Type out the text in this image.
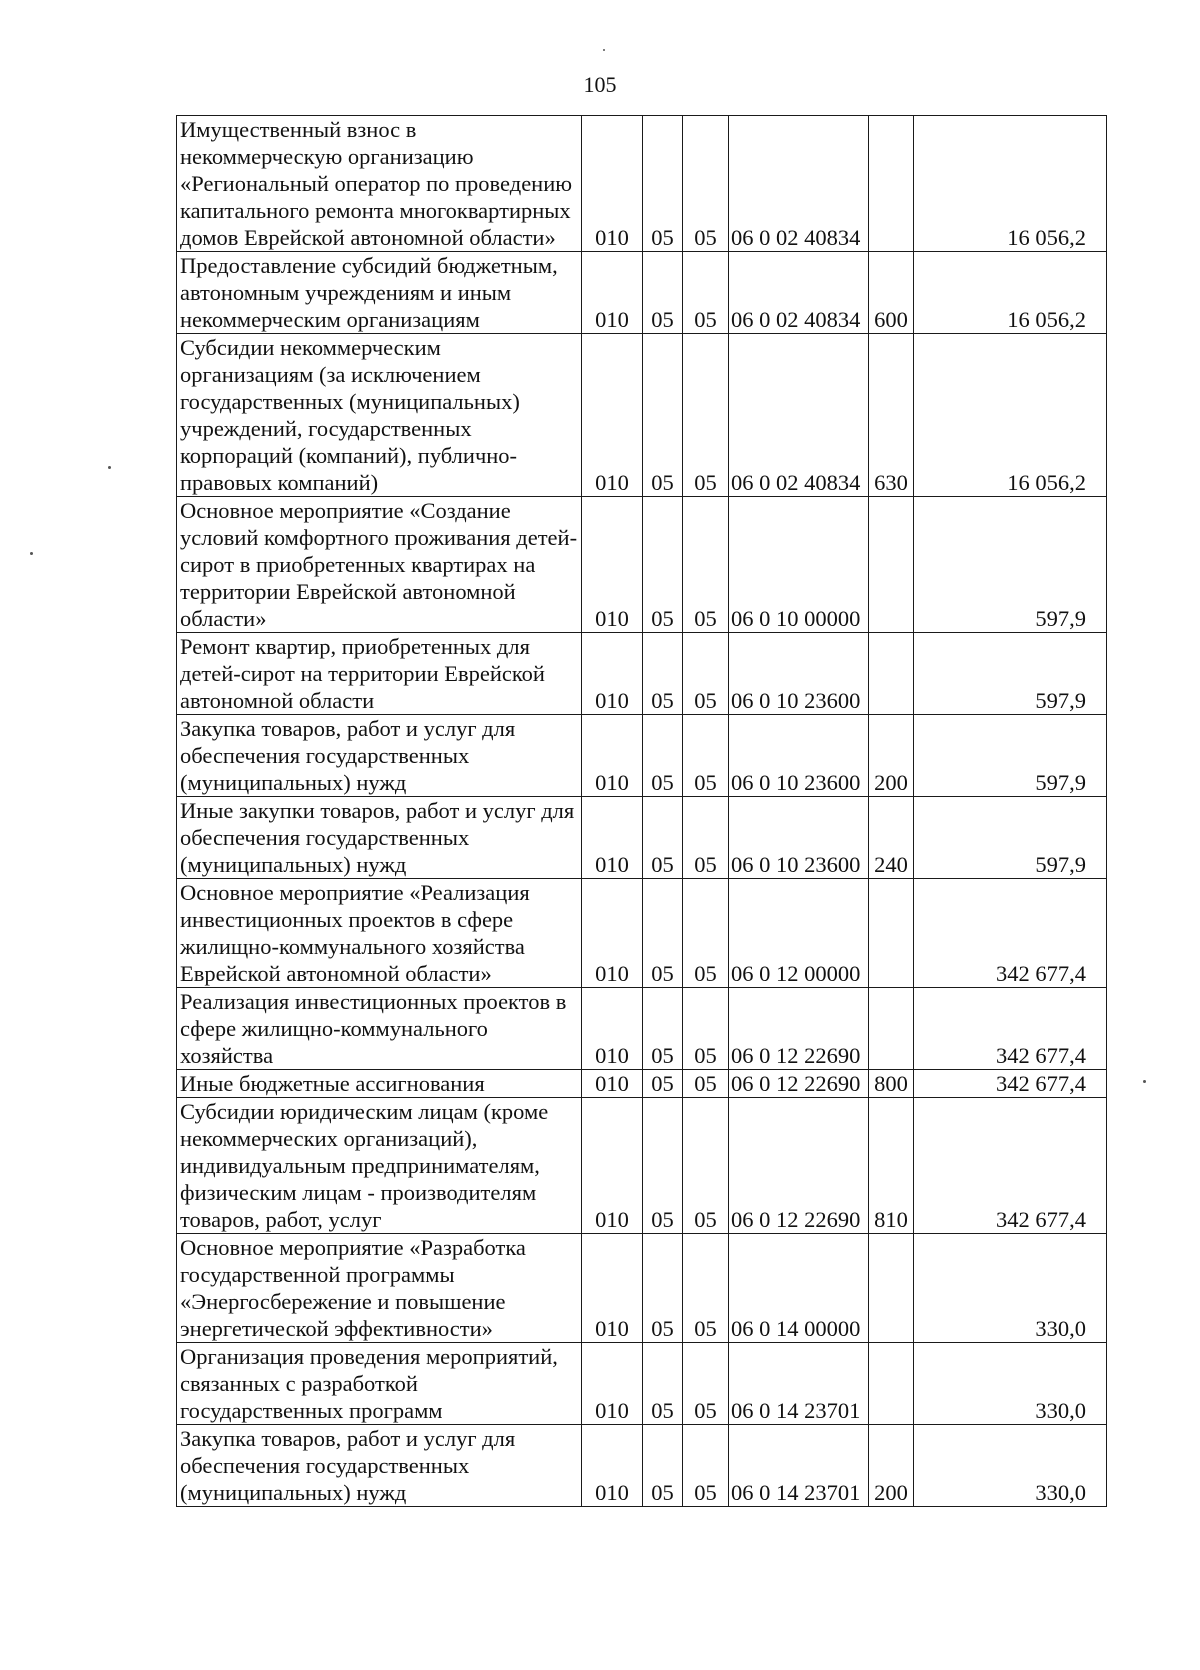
105
Имущественный взнос в некоммерческую организацию «Региональный оператор по проведению капитального ремонта многоквартирных домов Еврейской автономной области»	010	05	05	06 0 02 40834		16 056,2
Предоставление субсидий бюджетным, автономным учреждениям и иным некоммерческим организациям	010	05	05	06 0 02 40834	600	16 056,2
Субсидии некоммерческим организациям (за исключением государственных (муниципальных) учреждений, государственных корпораций (компаний), публично-правовых компаний)	010	05	05	06 0 02 40834	630	16 056,2
Основное мероприятие «Создание условий комфортного проживания детей-сирот в приобретенных квартирах на территории Еврейской автономной области»	010	05	05	06 0 10 00000		597,9
Ремонт квартир, приобретенных для детей-сирот на территории Еврейской автономной области	010	05	05	06 0 10 23600		597,9
Закупка товаров, работ и услуг для обеспечения государственных (муниципальных) нужд	010	05	05	06 0 10 23600	200	597,9
Иные закупки товаров, работ и услуг для обеспечения государственных (муниципальных) нужд	010	05	05	06 0 10 23600	240	597,9
Основное мероприятие «Реализация инвестиционных проектов в сфере жилищно-коммунального хозяйства Еврейской автономной области»	010	05	05	06 0 12 00000		342 677,4
Реализация инвестиционных проектов в сфере жилищно-коммунального хозяйства	010	05	05	06 0 12 22690		342 677,4
Иные бюджетные ассигнования	010	05	05	06 0 12 22690	800	342 677,4
Субсидии юридическим лицам (кроме некоммерческих организаций), индивидуальным предпринимателям, физическим лицам - производителям товаров, работ, услуг	010	05	05	06 0 12 22690	810	342 677,4
Основное мероприятие «Разработка государственной программы «Энергосбережение и повышение энергетической эффективности»	010	05	05	06 0 14 00000		330,0
Организация проведения мероприятий, связанных с разработкой государственных программ	010	05	05	06 0 14 23701		330,0
Закупка товаров, работ и услуг для обеспечения государственных (муниципальных) нужд	010	05	05	06 0 14 23701	200	330,0
